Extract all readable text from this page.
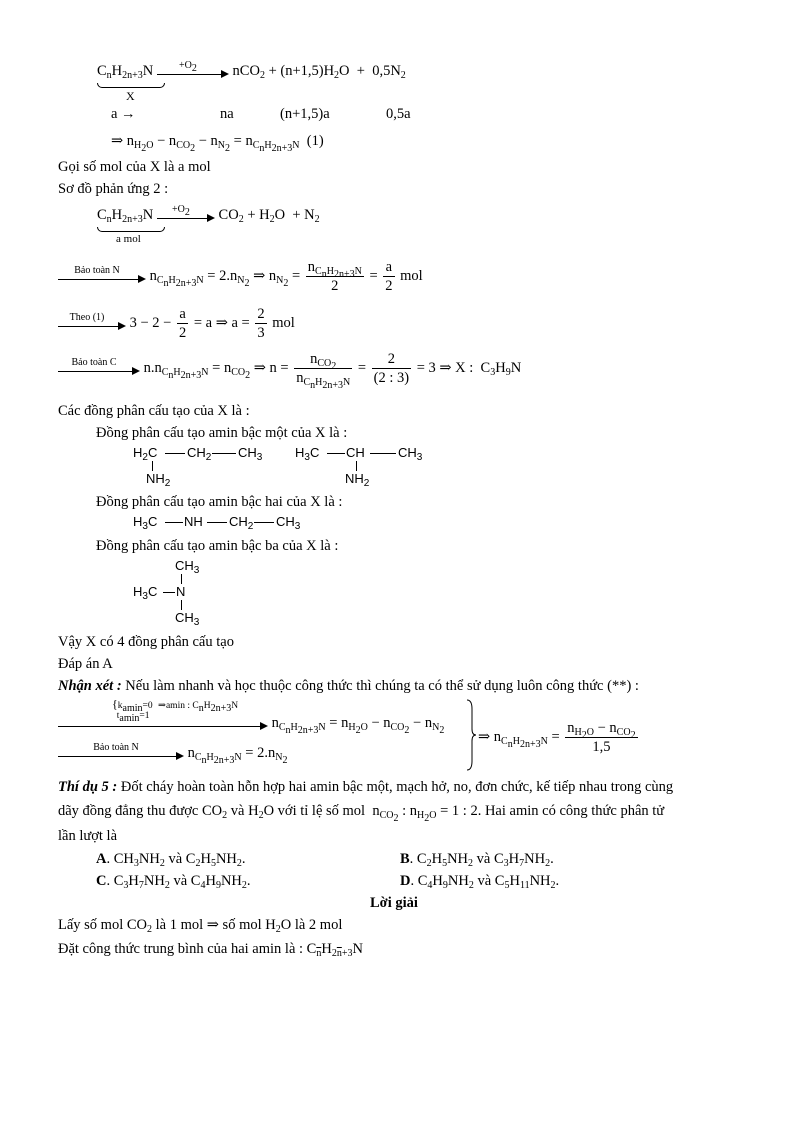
$C_nH_{2n+3}N$	$+O_2$	$nCO_2 + (n+1,5)H_2O + 0,5N_2$
X
a →	na	(n+1,5)a	0,5a
⇒ $n_{H_2O} - n_{CO_2} - n_{N_2} = n_{C_nH_{2n+3}N}$  (1)
Gọi số mol của X là a mol
Sơ đồ phản ứng 2 :
$C_nH_{2n+3}N$	$+O_2$	$CO_2 + H_2O + N_2$
a mol
Bảo toàn N	$n_{C_nH_{2n+3}N} = 2.n_{N_2}$ ⇒ $n_{N_2} = \frac{n_{C_nH_{2n+3}N}}{2} = \frac{a}{2}$ mol
Theo (1)	$3 - 2 - \frac{a}{2} = a$ ⇒ $a = \frac{2}{3}$ mol
Bảo toàn C	$n.n_{C_nH_{2n+3}N} = n_{CO_2}$ ⇒ $n = \frac{n_{CO_2}}{n_{C_nH_{2n+3}N}} = \frac{2}{(2 : 3)} = 3$ ⇒ X :  $C_3H_9N$
Các đồng phân cấu tạo của X là :
Đồng phân cấu tạo amin bậc một của X là :
$H_2C$ $CH_2$ $CH_3$
$NH_2$
$H_3C$ CH	$CH_3$
$NH_2$
Đồng phân cấu tạo amin bậc hai của X là :
$H_3C$ NH $CH_2$ $CH_3$
Đồng phân cấu tạo amin bậc ba của X là :
$CH_3$
$H_3C$ N
$CH_3$
Vậy X có 4 đồng phân cấu tạo
Đáp án A
Nhận xét : Nếu làm nhanh và học thuộc công thức thì chúng ta có thể sử dụng luôn công thức (**) :
{$k_{amin}=0$
$t_{amin}=1$
⇒amin : $C_nH_{2n+3}N$
$n_{C_nH_{2n+3}N} = n_{H_2O} - n_{CO_2} - n_{N_2}$
Bảo toàn N	$n_{C_nH_{2n+3}N} = 2.n_{N_2}$
⇒ $n_{C_nH_{2n+3}N} = \frac{n_{H_2O} - n_{CO_2}}{1,5}$
Thí dụ 5 : Đốt cháy hoàn toàn hỗn hợp hai amin bậc một, mạch hở, no, đơn chức, kế tiếp nhau trong cùng
dãy đồng đẳng thu được $CO_2$ và $H_2O$ với tỉ lệ số mol  $n_{CO_2}$ : $n_{H_2O} = 1$ : 2. Hai amin có công thức phân tử
lần lượt là
A. $CH_3NH_2$ và $C_2H_5NH_2$.	B. $C_2H_5NH_2$ và $C_3H_7NH_2$.
C. $C_3H_7NH_2$ và $C_4H_9NH_2$.	D. $C_4H_9NH_2$ và $C_5H_{11}NH_2$.
Lời giải
Lấy số mol $CO_2$ là 1 mol ⇒ số mol $H_2O$ là 2 mol
Đặt công thức trung bình của hai amin là : $C_{\overline{n}}H_{2\overline{n}+3}N$
